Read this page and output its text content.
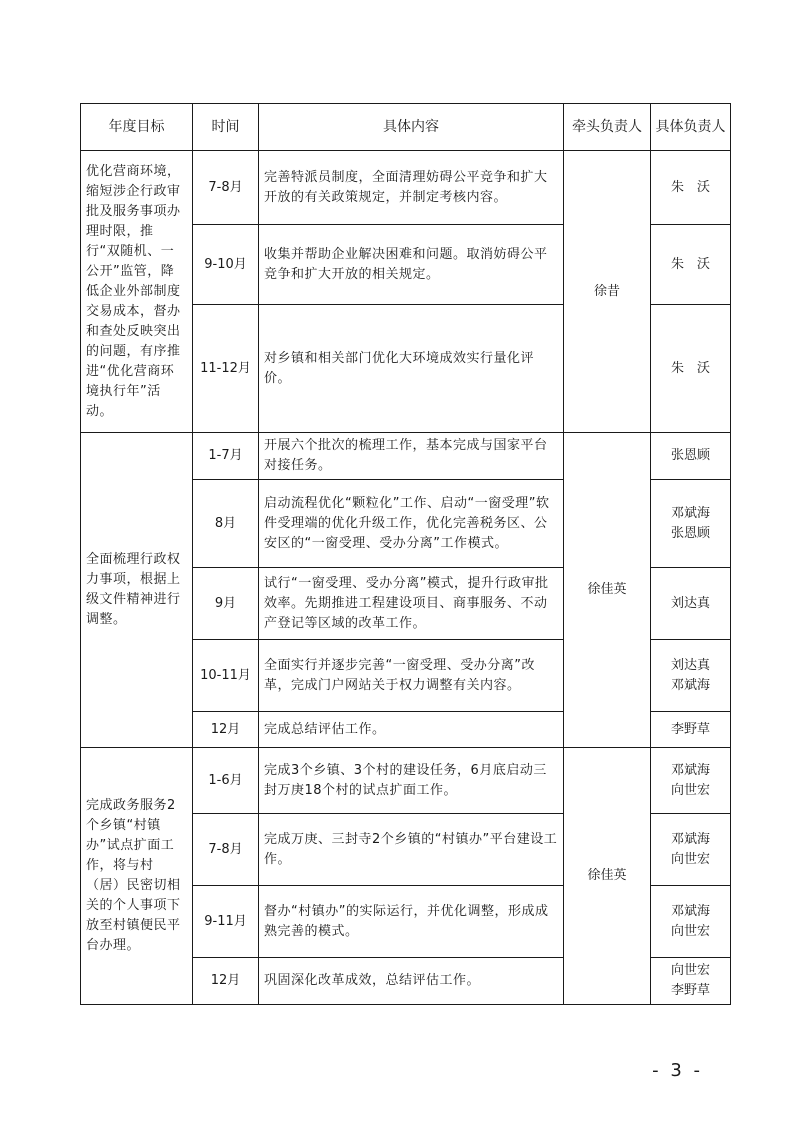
年度目标	时间	具体内容	牵头负责人	具体负责人
优化营商环境，缩短涉企行政审批及服务事项办理时限，推行“双随机、一公开”监管，降低企业外部制度交易成本，督办和查处反映突出的问题，有序推进“优化营商环境执行年”活动。	7-8月	完善特派员制度，全面清理妨碍公平竞争和扩大开放的有关政策规定，并制定考核内容。	徐昔	朱　沃

	9-10月	收集并帮助企业解决困难和问题。取消妨碍公平竞争和扩大开放的相关规定。		朱　沃

	11-12月	对乡镇和相关部门优化大环境成效实行量化评价。		朱　沃

全面梳理行政权力事项，根据上级文件精神进行调整。	1-7月	开展六个批次的梳理工作，基本完成与国家平台对接任务。	徐佳英	张恩顾

	8月	启动流程优化“颗粒化”工作、启动“一窗受理”软件受理端的优化升级工作，优化完善税务区、公安区的“一窗受理、受办分离”工作模式。		邓斌海
张恩顾

	9月	试行“一窗受理、受办分离”模式，提升行政审批效率。先期推进工程建设项目、商事服务、不动产登记等区域的改革工作。		刘达真

	10-11月	全面实行并逐步完善“一窗受理、受办分离”改革，完成门户网站关于权力调整有关内容。		刘达真
邓斌海

	12月	完成总结评估工作。		李野草

完成政务服务2个乡镇“村镇办”试点扩面工作，将与村（居）民密切相关的个人事项下放至村镇便民平台办理。	1-6月	完成3个乡镇、3个村的建设任务，6月底启动三封万庚18个村的试点扩面工作。	徐佳英	邓斌海
向世宏

	7-8月	完成万庚、三封寺2个乡镇的“村镇办”平台建设工作。		邓斌海
向世宏

	9-11月	督办“村镇办”的实际运行，并优化调整，形成成熟完善的模式。		邓斌海
向世宏

	12月	巩固深化改革成效，总结评估工作。		向世宏
李野草
- 3 -
